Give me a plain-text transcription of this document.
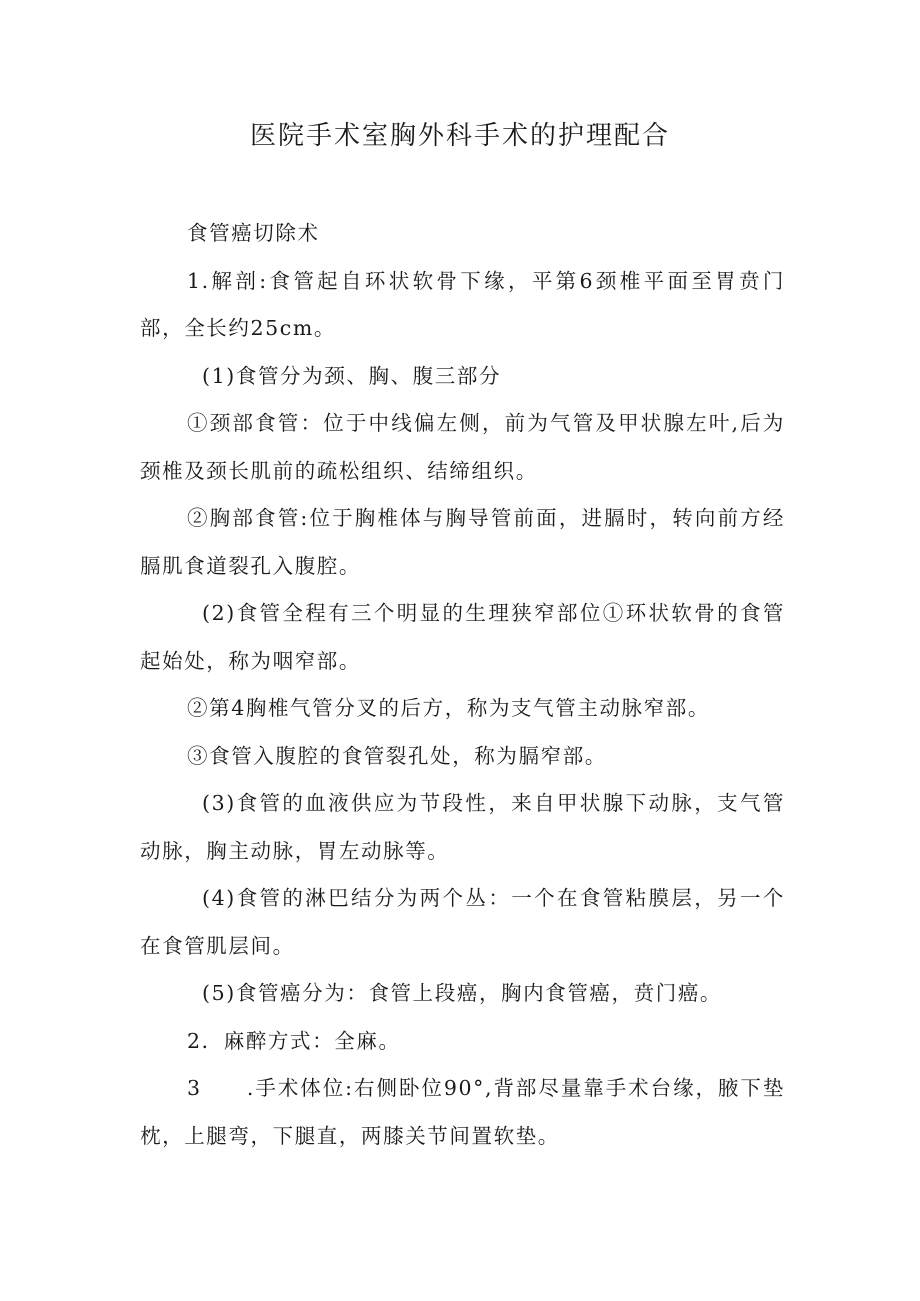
医院手术室胸外科手术的护理配合

食管癌切除术

1.解剖:食管起自环状软骨下缘，平第6颈椎平面至胃贲门部，全长约25cm。

(1)食管分为颈、胸、腹三部分

①颈部食管：位于中线偏左侧，前为气管及甲状腺左叶,后为颈椎及颈长肌前的疏松组织、结缔组织。

②胸部食管:位于胸椎体与胸导管前面，进膈时，转向前方经膈肌食道裂孔入腹腔。

(2)食管全程有三个明显的生理狭窄部位①环状软骨的食管起始处，称为咽窄部。

②第4胸椎气管分叉的后方，称为支气管主动脉窄部。

③食管入腹腔的食管裂孔处，称为膈窄部。

(3)食管的血液供应为节段性，来自甲状腺下动脉，支气管动脉，胸主动脉，胃左动脉等。

(4)食管的淋巴结分为两个丛：一个在食管粘膜层，另一个在食管肌层间。

(5)食管癌分为：食管上段癌，胸内食管癌，贲门癌。

2．麻醉方式：全麻。

3　　.手术体位:右侧卧位90°,背部尽量靠手术台缘，腋下垫枕，上腿弯，下腿直，两膝关节间置软垫。
